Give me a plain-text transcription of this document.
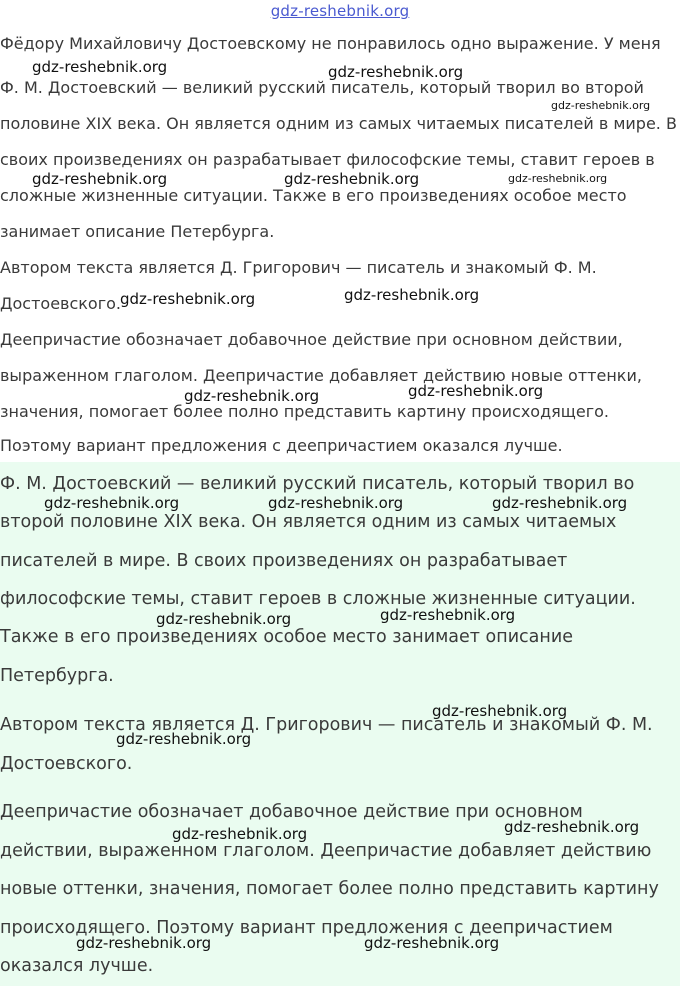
gdz-reshebnik.org

Фёдору Михайловичу Достоевскому не понравилось одно выражение. У меня

Ф. М. Достоевский — великий русский писатель, который творил во второй

половине XIX века. Он является одним из самых читаемых писателей в мире. В

своих произведениях он разрабатывает философские темы, ставит героев в

сложные жизненные ситуации. Также в его произведениях особое место

занимает описание Петербурга.

Автором текста является Д. Григорович — писатель и знакомый Ф. М.

Достоевского.

Деепричастие обозначает добавочное действие при основном действии,

выраженном глаголом. Деепричастие добавляет действию новые оттенки,

значения, помогает более полно представить картину происходящего.

Поэтому вариант предложения с деепричастием оказался лучше.

Ф. М. Достоевский — великий русский писатель, который творил во

второй половине XIX века. Он является одним из самых читаемых

писателей в мире. В своих произведениях он разрабатывает

философские темы, ставит героев в сложные жизненные ситуации.

Также в его произведениях особое место занимает описание

Петербурга.

Автором текста является Д. Григорович — писатель и знакомый Ф. М.

Достоевского.

Деепричастие обозначает добавочное действие при основном

действии, выраженном глаголом. Деепричастие добавляет действию

новые оттенки, значения, помогает более полно представить картину

происходящего. Поэтому вариант предложения с деепричастием

оказался лучше.

gdz-reshebnik.org	gdz-reshebnik.org
gdz-reshebnik.org
gdz-reshebnik.org	gdz-reshebnik.org	gdz-reshebnik.org
gdz-reshebnik.org	gdz-reshebnik.org
gdz-reshebnik.org	gdz-reshebnik.org
gdz-reshebnik.org	gdz-reshebnik.org	gdz-reshebnik.org
gdz-reshebnik.org	gdz-reshebnik.org
gdz-reshebnik.org
gdz-reshebnik.org
gdz-reshebnik.org
gdz-reshebnik.org
gdz-reshebnik.org	gdz-reshebnik.org
